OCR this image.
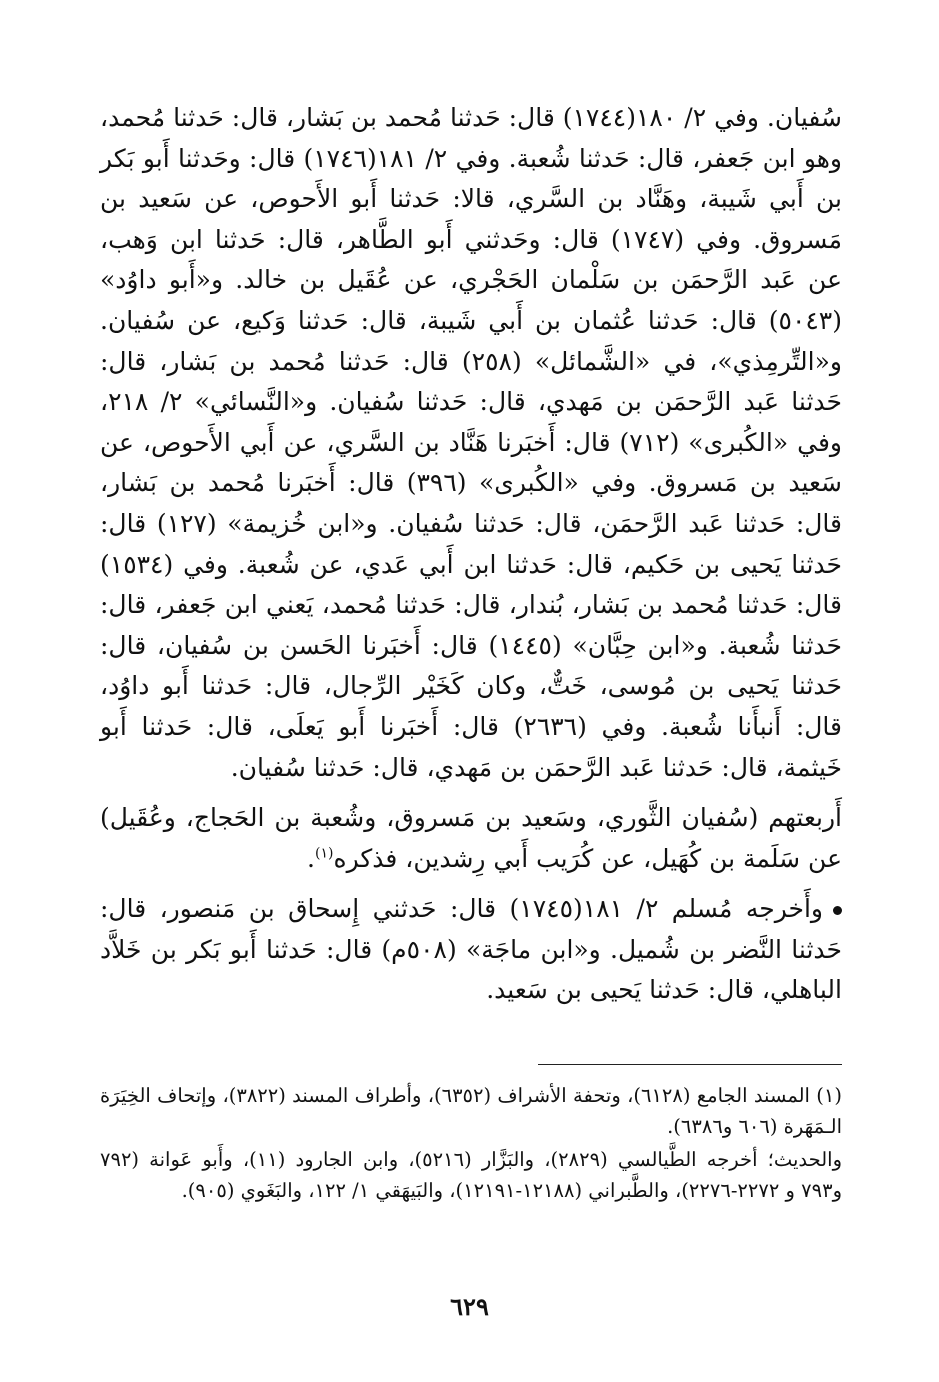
سُفيان. وفي ٢/ ١٨٠(١٧٤٤) قال: حَدثنا مُحمد بن بَشار، قال: حَدثنا مُحمد، وهو ابن جَعفر، قال: حَدثنا شُعبة. وفي ٢/ ١٨١(١٧٤٦) قال: وحَدثنا أَبو بَكر بن أَبي شَيبة، وهَنَّاد بن السَّري، قالا: حَدثنا أَبو الأَحوص، عن سَعيد بن مَسروق. وفي (١٧٤٧) قال: وحَدثني أَبو الطَّاهر، قال: حَدثنا ابن وَهب، عن عَبد الرَّحمَن بن سَلْمان الحَجْري، عن عُقَيل بن خالد. و«أَبو داوُد» (٥٠٤٣) قال: حَدثنا عُثمان بن أَبي شَيبة، قال: حَدثنا وَكيع، عن سُفيان. و«التِّرمِذي»، في «الشَّمائل» (٢٥٨) قال: حَدثنا مُحمد بن بَشار، قال: حَدثنا عَبد الرَّحمَن بن مَهدي، قال: حَدثنا سُفيان. و«النَّسائي» ٢/ ٢١٨، وفي «الكُبرى» (٧١٢) قال: أَخبَرنا هَنَّاد بن السَّري، عن أَبي الأَحوص، عن سَعيد بن مَسروق. وفي «الكُبرى» (٣٩٦) قال: أَخبَرنا مُحمد بن بَشار، قال: حَدثنا عَبد الرَّحمَن، قال: حَدثنا سُفيان. و«ابن خُزيمة» (١٢٧) قال: حَدثنا يَحيى بن حَكيم، قال: حَدثنا ابن أَبي عَدي، عن شُعبة. وفي (١٥٣٤) قال: حَدثنا مُحمد بن بَشار، بُندار، قال: حَدثنا مُحمد، يَعني ابن جَعفر، قال: حَدثنا شُعبة. و«ابن حِبَّان» (١٤٤٥) قال: أَخبَرنا الحَسن بن سُفيان، قال: حَدثنا يَحيى بن مُوسى، خَتٌّ، وكان كَخَيْر الرِّجال، قال: حَدثنا أَبو داوُد، قال: أَنبأَنا شُعبة. وفي (٢٦٣٦) قال: أَخبَرنا أَبو يَعلَى، قال: حَدثنا أَبو خَيثمة، قال: حَدثنا عَبد الرَّحمَن بن مَهدي، قال: حَدثنا سُفيان.

أَربعتهم (سُفيان الثَّوري، وسَعيد بن مَسروق، وشُعبة بن الحَجاج، وعُقَيل) عن سَلَمة بن كُهَيل، عن كُرَيب أَبي رِشدين، فذكره$^{(١)}$.

وأَخرجه مُسلم ٢/ ١٨١(١٧٤٥) قال: حَدثني إِسحاق بن مَنصور، قال: حَدثنا النَّضر بن شُميل. و«ابن ماجَة» (٥٠٨م) قال: حَدثنا أَبو بَكر بن خَلاَّد الباهلي، قال: حَدثنا يَحيى بن سَعيد.

(١) المسند الجامع (٦١٢٨)، وتحفة الأشراف (٦٣٥٢)، وأطراف المسند (٣٨٢٢)، وإتحاف الخِيَرَة الـمَهَرة (٦٠٦ و٦٣٨٦).

والحديث؛ أخرجه الطَّيالسي (٢٨٢٩)، والبَزَّار (٥٢١٦)، وابن الجارود (١١)، وأَبو عَوانة (٧٩٢ و٧٩٣ و ٢٢٧٢-٢٢٧٦)، والطَّبراني (١٢١٨٨-١٢١٩١)، والبَيهَقي ١/ ١٢٢، والبَغَوي (٩٠٥).

٦٢٩
